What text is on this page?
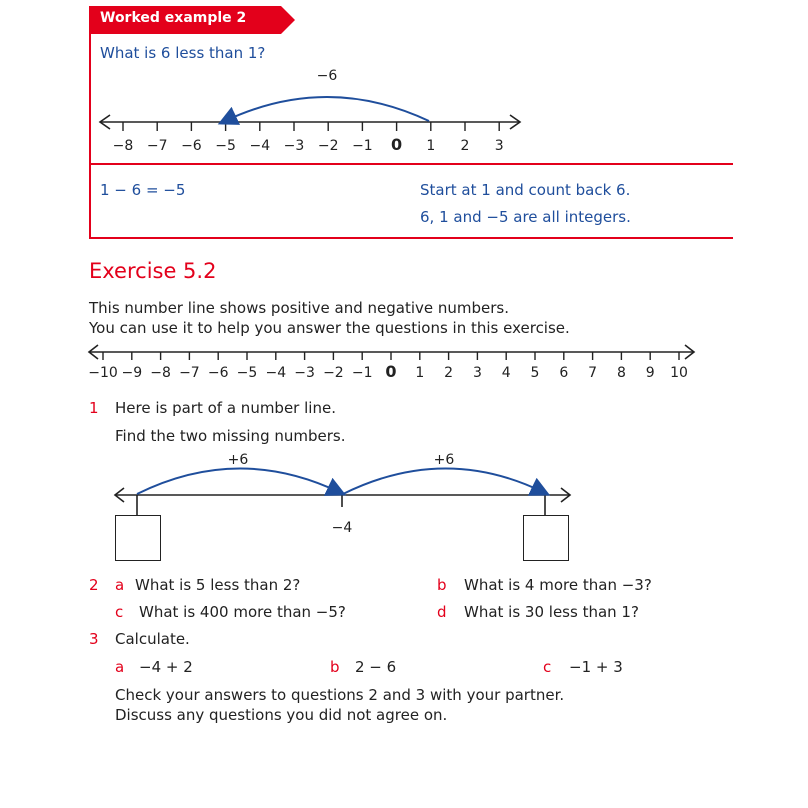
Worked example 2
What is 6 less than 1?
−8 −7 −6 −5 −4 −3 −2 −1 0 1 2 3
−6
1 − 6 = −5	Start at 1 and count back 6.
6, 1 and −5 are all integers.
Exercise 5.2
This number line shows positive and negative numbers.
You can use it to help you answer the questions in this exercise.
−10 −9 −8 −7 −6 −5 −4 −3 −2 −1 0 1 2 3 4 5 6 7 8 9 10
1 Here is part of a number line.
Find the two missing numbers.
+6	+6
−4
2 a What is 5 less than 2?	b What is 4 more than −3?
c What is 400 more than −5?	d What is 30 less than 1?
3 Calculate.
a −4 + 2	b 2 − 6	c −1 + 3
Check your answers to questions 2 and 3 with your partner.
Discuss any questions you did not agree on.
